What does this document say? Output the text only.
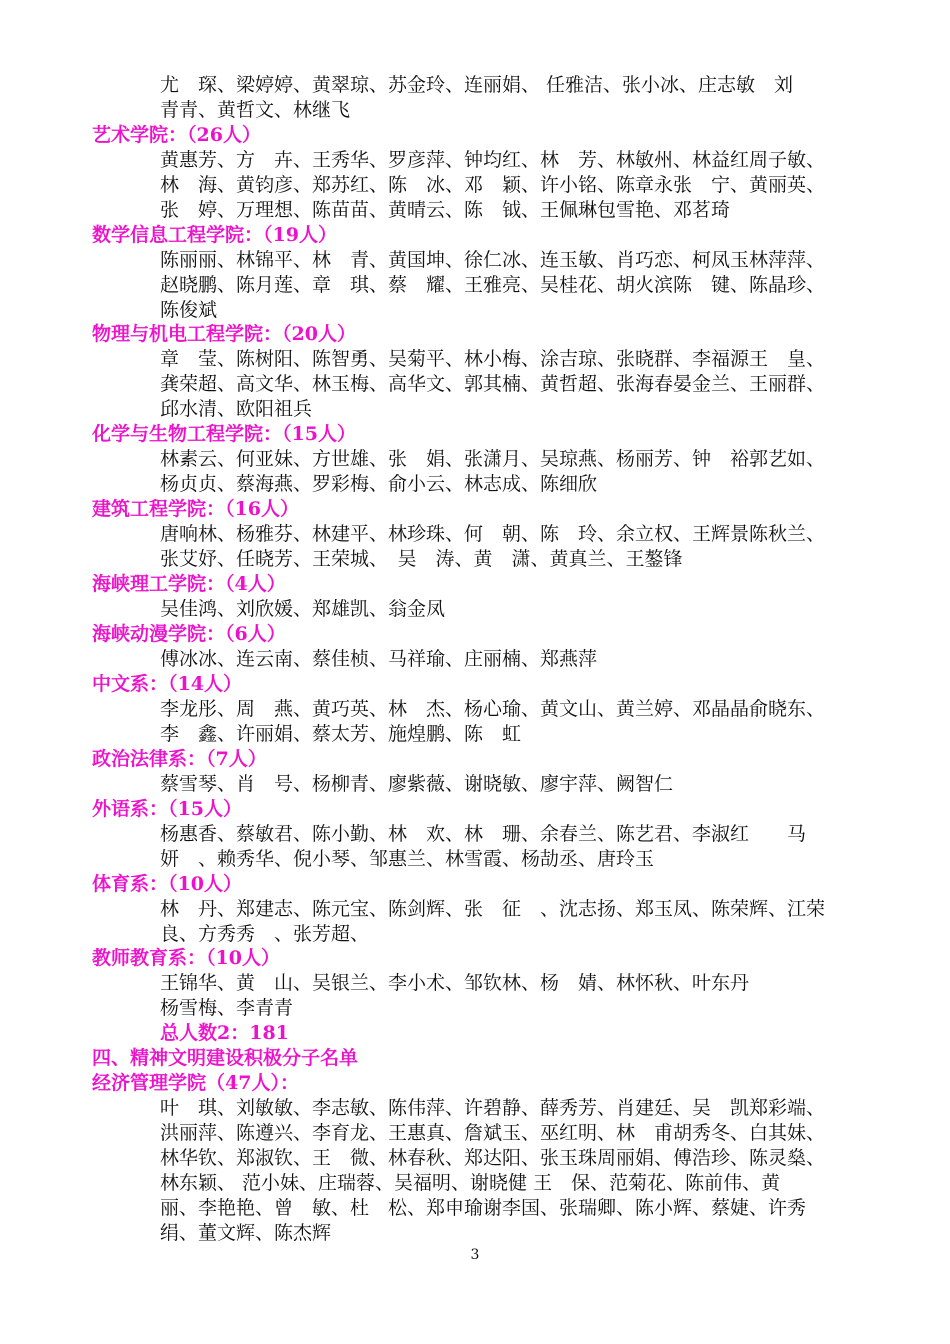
尤　琛、梁婷婷、黄翠琼、苏金玲、连丽娟、 任雅洁、张小冰、庄志敏　刘
青青、黄哲文、林继飞
艺术学院：（26人）
黄惠芳、方　卉、王秀华、罗彦萍、钟均红、林　芳、林敏州、林益红周子敏、
林　海、黄钧彦、郑苏红、陈　冰、邓　颖、许小铭、陈章永张　宁、黄丽英、
张　婷、万理想、陈苗苗、黄晴云、陈　钺、王佩琳包雪艳、邓茗琦
数学信息工程学院：（19人）
陈丽丽、林锦平、林　青、黄国坤、徐仁冰、连玉敏、肖巧恋、柯凤玉林萍萍、
赵晓鹏、陈月莲、章　琪、蔡　耀、王雅亮、吴桂花、胡火滨陈　键、陈晶珍、
陈俊斌
物理与机电工程学院：（20人）
章　莹、陈树阳、陈智勇、吴菊平、林小梅、涂吉琼、张晓群、李福源王　皇、
龚荣超、高文华、林玉梅、高华文、郭其楠、黄哲超、张海春晏金兰、王丽群、
邱水清、欧阳祖兵
化学与生物工程学院：（15人）
林素云、何亚妹、方世雄、张　娟、张潇月、吴琼燕、杨丽芳、钟　裕郭艺如、
杨贞贞、蔡海燕、罗彩梅、俞小云、林志成、陈细欣
建筑工程学院：（16人）
唐响林、杨雅芬、林建平、林珍珠、何　朝、陈　玲、余立权、王辉景陈秋兰、
张艾妤、任晓芳、王荣城、　吴　涛、黄　潇、黄真兰、王鏊锋
海峡理工学院：（4人）
吴佳鸿、刘欣媛、郑雄凯、翁金凤
海峡动漫学院：（6人）
傅冰冰、连云南、蔡佳桢、马祥瑜、庄丽楠、郑燕萍
中文系：（14人）
李龙彤、周　燕、黄巧英、林　杰、杨心瑜、黄文山、黄兰婷、邓晶晶俞晓东、
李　鑫、许丽娟、蔡太芳、施煌鹏、陈　虹
政治法律系：（7人）
蔡雪琴、肖　号、杨柳青、廖紫薇、谢晓敏、廖宇萍、阙智仁
外语系：（15人）
杨惠香、蔡敏君、陈小勤、林　欢、林　珊、余春兰、陈艺君、李淑红　　马
妍　、赖秀华、倪小琴、邹惠兰、林雪霞、杨劼丞、唐玲玉
体育系：（10人）
林　丹、郑建志、陈元宝、陈剑辉、张　征　、沈志扬、郑玉凤、陈荣辉、江荣
良、方秀秀　、张芳超、
教师教育系：（10人）
王锦华、黄　山、吴银兰、李小术、邹钦林、杨　婧、林怀秋、叶东丹
杨雪梅、李青青
总人数2：181
四、精神文明建设积极分子名单
经济管理学院（47人）：
叶　琪、刘敏敏、李志敏、陈伟萍、许碧静、薛秀芳、肖建廷、吴　凯郑彩端、
洪丽萍、陈遵兴、李育龙、王惠真、詹斌玉、巫红明、林　甫胡秀冬、白其妹、
林华钦、郑淑钦、王　微、林春秋、郑达阳、张玉珠周丽娟、傅浩珍、陈灵燊、
林东颖、 范小妹、庄瑞蓉、吴福明、谢晓健 王　保、范菊花、陈前伟、黄
丽、李艳艳、曾　敏、杜　松、郑申瑜谢李国、张瑞卿、陈小辉、蔡婕、许秀
绢、董文辉、陈杰辉
3
